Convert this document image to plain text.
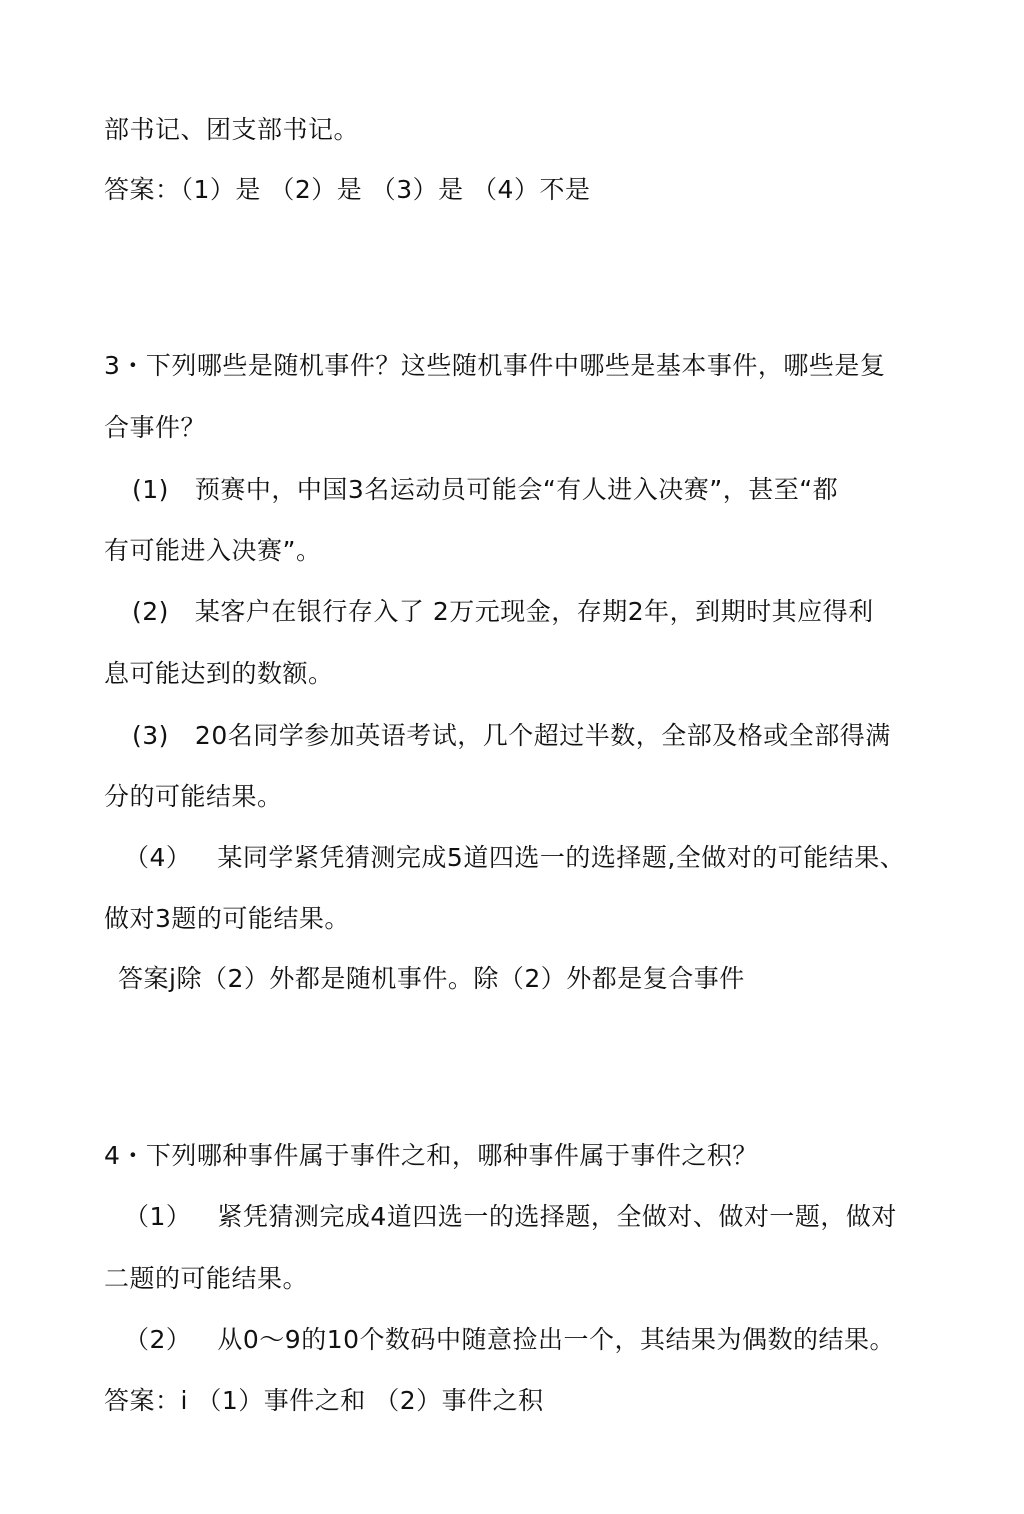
部书记、团支部书记。
答案：（1）是 （2）是 （3）是 （4）不是
3・下列哪些是随机事件？这些随机事件中哪些是基本事件，哪些是复
合事件？
(1) 预赛中，中国3名运动员可能会“有人进入决赛”，甚至“都
有可能进入决赛”。
(2) 某客户在银行存入了 2万元现金，存期2年，到期时其应得利
息可能达到的数额。
(3) 20名同学参加英语考试，几个超过半数，全部及格或全部得满
分的可能结果。
（4） 某同学紧凭猜测完成5道四选一的选择题,全做对的可能结果、
做对3题的可能结果。
答案j除（2）外都是随机事件。除（2）外都是复合事件
4・下列哪种事件属于事件之和，哪种事件属于事件之积？
（1） 紧凭猜测完成4道四选一的选择题，全做对、做对一题，做对
二题的可能结果。
（2） 从0〜9的10个数码中随意捡出一个，其结果为偶数的结果。
答案：i （1）事件之和 （2）事件之积
